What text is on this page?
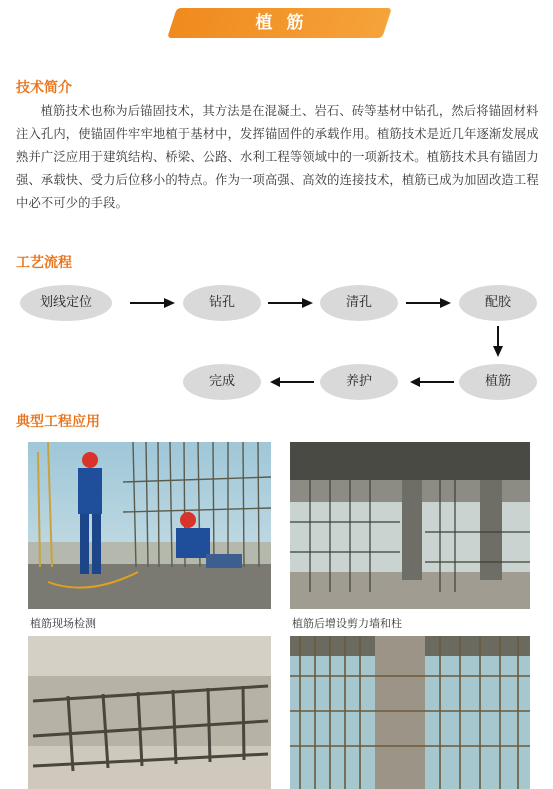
植筋
技术简介
植筋技术也称为后锚固技术，其方法是在混凝土、岩石、砖等基材中钻孔，然后将锚固材料注入孔内，使锚固件牢牢地植于基材中，发挥锚固件的承载作用。植筋技术是近几年逐渐发展成熟并广泛应用于建筑结构、桥梁、公路、水利工程等领域中的一项新技术。植筋技术具有锚固力强、承载快、受力后位移小的特点。作为一项高强、高效的连接技术，植筋已成为加固改造工程中必不可少的手段。
工艺流程
划线定位	钻孔	清孔	配胶
植筋
养护
完成
典型工程应用
植筋现场检测	植筋后增设剪力墙和柱
